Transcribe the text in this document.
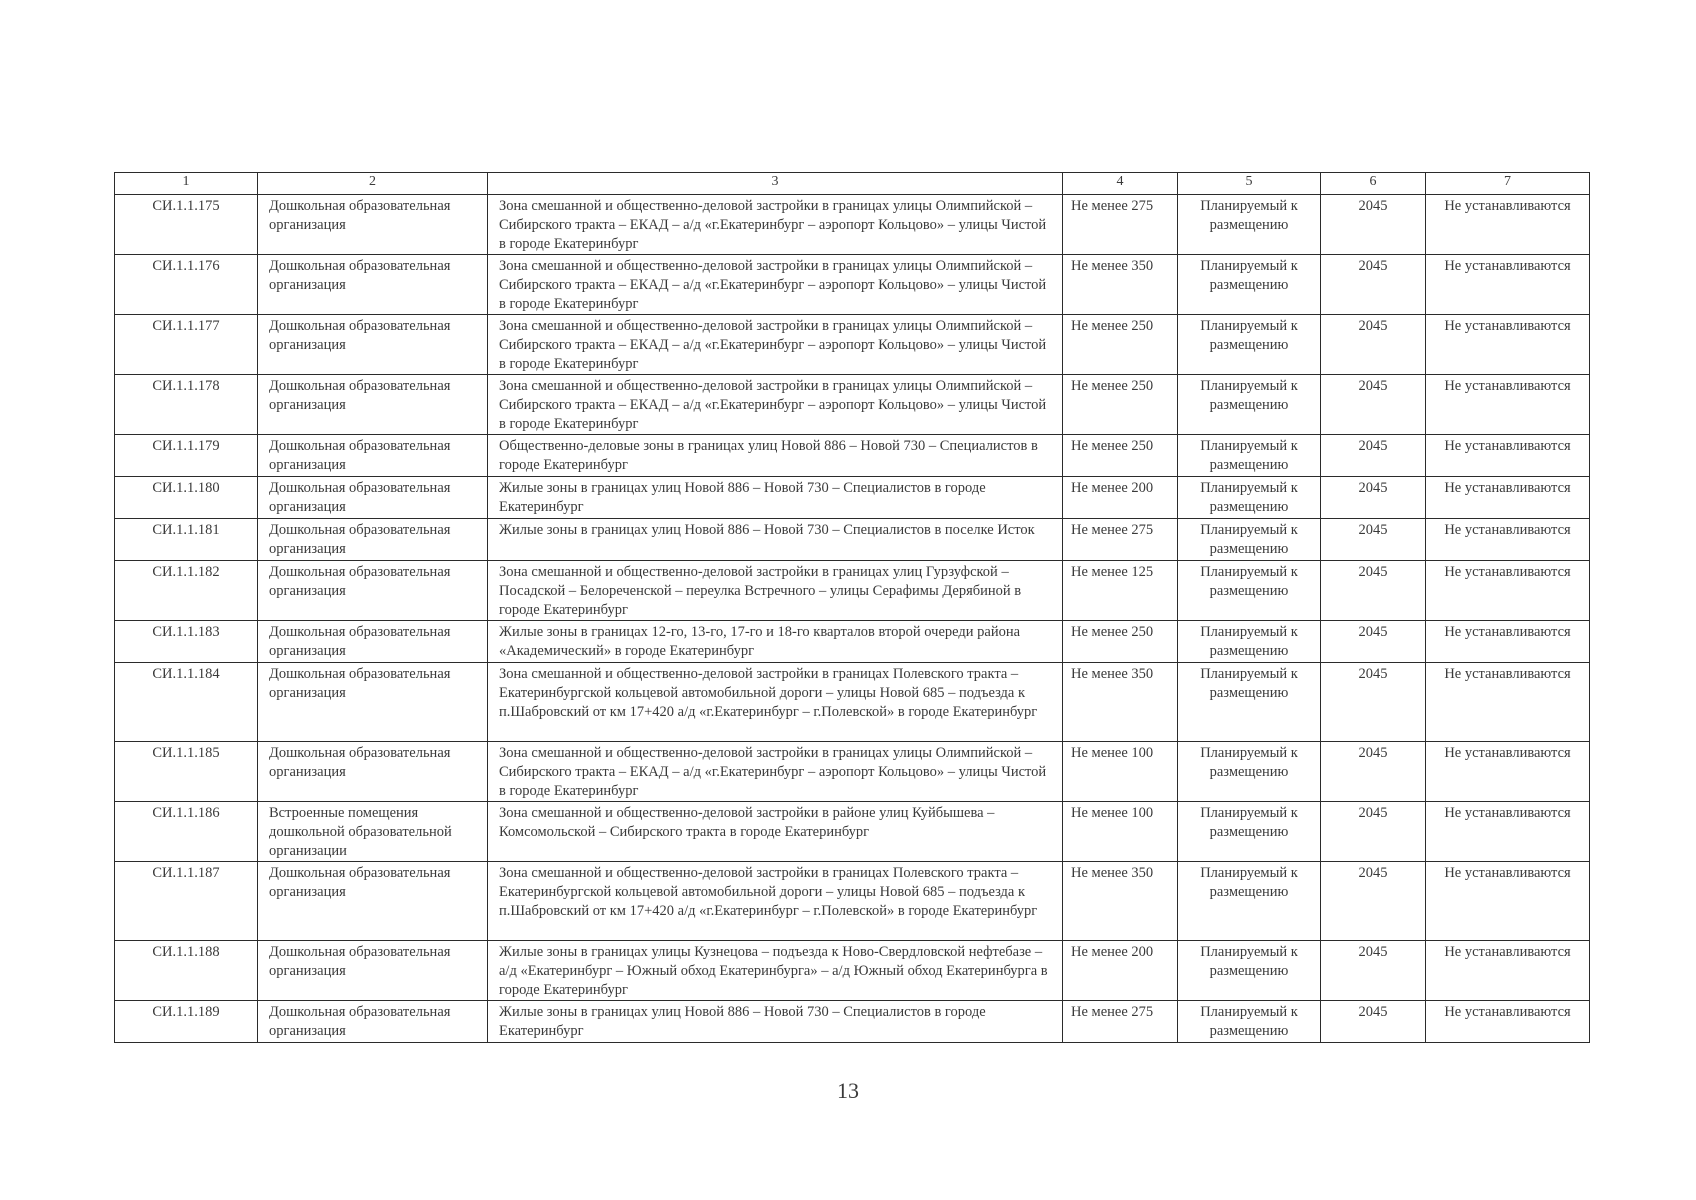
1	2	3	4	5	6	7
СИ.1.1.175	Дошкольная образовательная организация	Зона смешанной и общественно-деловой застройки в границах улицы Олимпийской – Сибирского тракта – ЕКАД – а/д «г.Екатеринбург – аэропорт Кольцово» – улицы Чистой в городе Екатеринбург	Не менее 275	Планируемый к размещению	2045	Не устанавливаются
СИ.1.1.176	Дошкольная образовательная организация	Зона смешанной и общественно-деловой застройки в границах улицы Олимпийской – Сибирского тракта – ЕКАД – а/д «г.Екатеринбург – аэропорт Кольцово» – улицы Чистой в городе Екатеринбург	Не менее 350	Планируемый к размещению	2045	Не устанавливаются
СИ.1.1.177	Дошкольная образовательная организация	Зона смешанной и общественно-деловой застройки в границах улицы Олимпийской – Сибирского тракта – ЕКАД – а/д «г.Екатеринбург – аэропорт Кольцово» – улицы Чистой в городе Екатеринбург	Не менее 250	Планируемый к размещению	2045	Не устанавливаются
СИ.1.1.178	Дошкольная образовательная организация	Зона смешанной и общественно-деловой застройки в границах улицы Олимпийской – Сибирского тракта – ЕКАД – а/д «г.Екатеринбург – аэропорт Кольцово» – улицы Чистой в городе Екатеринбург	Не менее 250	Планируемый к размещению	2045	Не устанавливаются
СИ.1.1.179	Дошкольная образовательная организация	Общественно-деловые зоны в границах улиц Новой 886 – Новой 730 – Специалистов в городе Екатеринбург	Не менее 250	Планируемый к размещению	2045	Не устанавливаются
СИ.1.1.180	Дошкольная образовательная организация	Жилые зоны в границах улиц Новой 886 – Новой 730 – Специалистов в городе Екатеринбург	Не менее 200	Планируемый к размещению	2045	Не устанавливаются
СИ.1.1.181	Дошкольная образовательная организация	Жилые зоны в границах улиц Новой 886 – Новой 730 – Специалистов в поселке Исток	Не менее 275	Планируемый к размещению	2045	Не устанавливаются
СИ.1.1.182	Дошкольная образовательная организация	Зона смешанной и общественно-деловой застройки в границах улиц Гурзуфской – Посадской – Белореченской – переулка Встречного – улицы Серафимы Дерябиной в городе Екатеринбург	Не менее 125	Планируемый к размещению	2045	Не устанавливаются
СИ.1.1.183	Дошкольная образовательная организация	Жилые зоны в границах 12-го, 13-го, 17-го и 18-го кварталов второй очереди района «Академический» в городе Екатеринбург	Не менее 250	Планируемый к размещению	2045	Не устанавливаются
СИ.1.1.184	Дошкольная образовательная организация	Зона смешанной и общественно-деловой застройки в границах Полевского тракта – Екатеринбургской кольцевой автомобильной дороги – улицы Новой 685 – подъезда к п.Шабровский от км 17+420 а/д «г.Екатеринбург – г.Полевской» в городе Екатеринбург	Не менее 350	Планируемый к размещению	2045	Не устанавливаются
СИ.1.1.185	Дошкольная образовательная организация	Зона смешанной и общественно-деловой застройки в границах улицы Олимпийской – Сибирского тракта – ЕКАД – а/д «г.Екатеринбург – аэропорт Кольцово» – улицы Чистой в городе Екатеринбург	Не менее 100	Планируемый к размещению	2045	Не устанавливаются
СИ.1.1.186	Встроенные помещения дошкольной образовательной организации	Зона смешанной и общественно-деловой застройки в районе улиц Куйбышева – Комсомольской – Сибирского тракта в городе Екатеринбург	Не менее 100	Планируемый к размещению	2045	Не устанавливаются
СИ.1.1.187	Дошкольная образовательная организация	Зона смешанной и общественно-деловой застройки в границах Полевского тракта – Екатеринбургской кольцевой автомобильной дороги – улицы Новой 685 – подъезда к п.Шабровский от км 17+420 а/д «г.Екатеринбург – г.Полевской» в городе Екатеринбург	Не менее 350	Планируемый к размещению	2045	Не устанавливаются
СИ.1.1.188	Дошкольная образовательная организация	Жилые зоны в границах улицы Кузнецова – подъезда к Ново-Свердловской нефтебазе – а/д «Екатеринбург – Южный обход Екатеринбурга» – а/д Южный обход Екатеринбурга в городе Екатеринбург	Не менее 200	Планируемый к размещению	2045	Не устанавливаются
СИ.1.1.189	Дошкольная образовательная организация	Жилые зоны в границах улиц Новой 886 – Новой 730 – Специалистов в городе Екатеринбург	Не менее 275	Планируемый к размещению	2045	Не устанавливаются
13
